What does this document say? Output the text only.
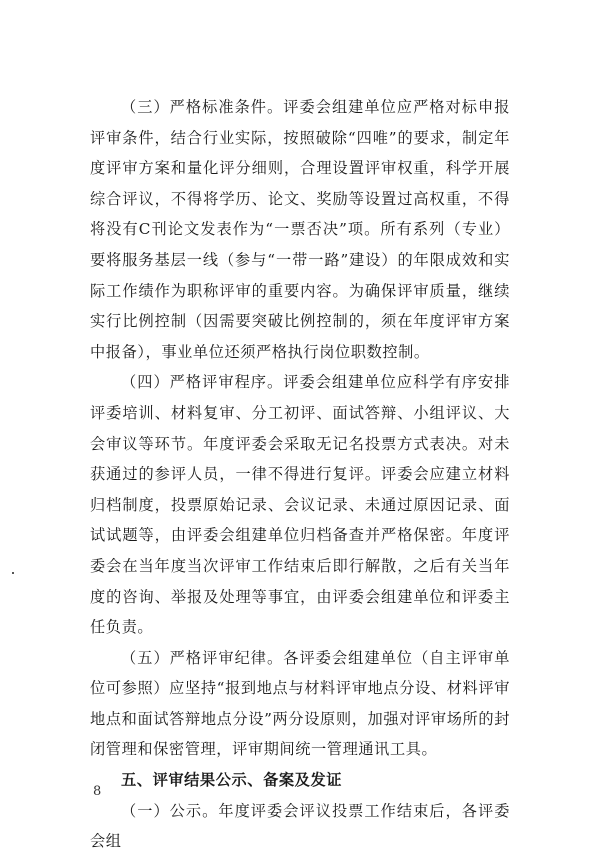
（三）严格标准条件。评委会组建单位应严格对标申报评审条件，结合行业实际，按照破除“四唯”的要求，制定年度评审方案和量化评分细则，合理设置评审权重，科学开展综合评议，不得将学历、论文、奖励等设置过高权重，不得将没有C刊论文发表作为“一票否决”项。所有系列（专业）要将服务基层一线（参与“一带一路”建设）的年限成效和实际工作绩作为职称评审的重要内容。为确保评审质量，继续实行比例控制（因需要突破比例控制的，须在年度评审方案中报备），事业单位还须严格执行岗位职数控制。

（四）严格评审程序。评委会组建单位应科学有序安排评委培训、材料复审、分工初评、面试答辩、小组评议、大会审议等环节。年度评委会采取无记名投票方式表决。对未获通过的参评人员，一律不得进行复评。评委会应建立材料归档制度，投票原始记录、会议记录、未通过原因记录、面试试题等，由评委会组建单位归档备查并严格保密。年度评委会在当年度当次评审工作结束后即行解散，之后有关当年度的咨询、举报及处理等事宜，由评委会组建单位和评委主任负责。

（五）严格评审纪律。各评委会组建单位（自主评审单位可参照）应坚持“报到地点与材料评审地点分设、材料评审地点和面试答辩地点分设”两分设原则，加强对评审场所的封闭管理和保密管理，评审期间统一管理通讯工具。

五、评审结果公示、备案及发证

（一）公示。年度评委会评议投票工作结束后，各评委会组

8
